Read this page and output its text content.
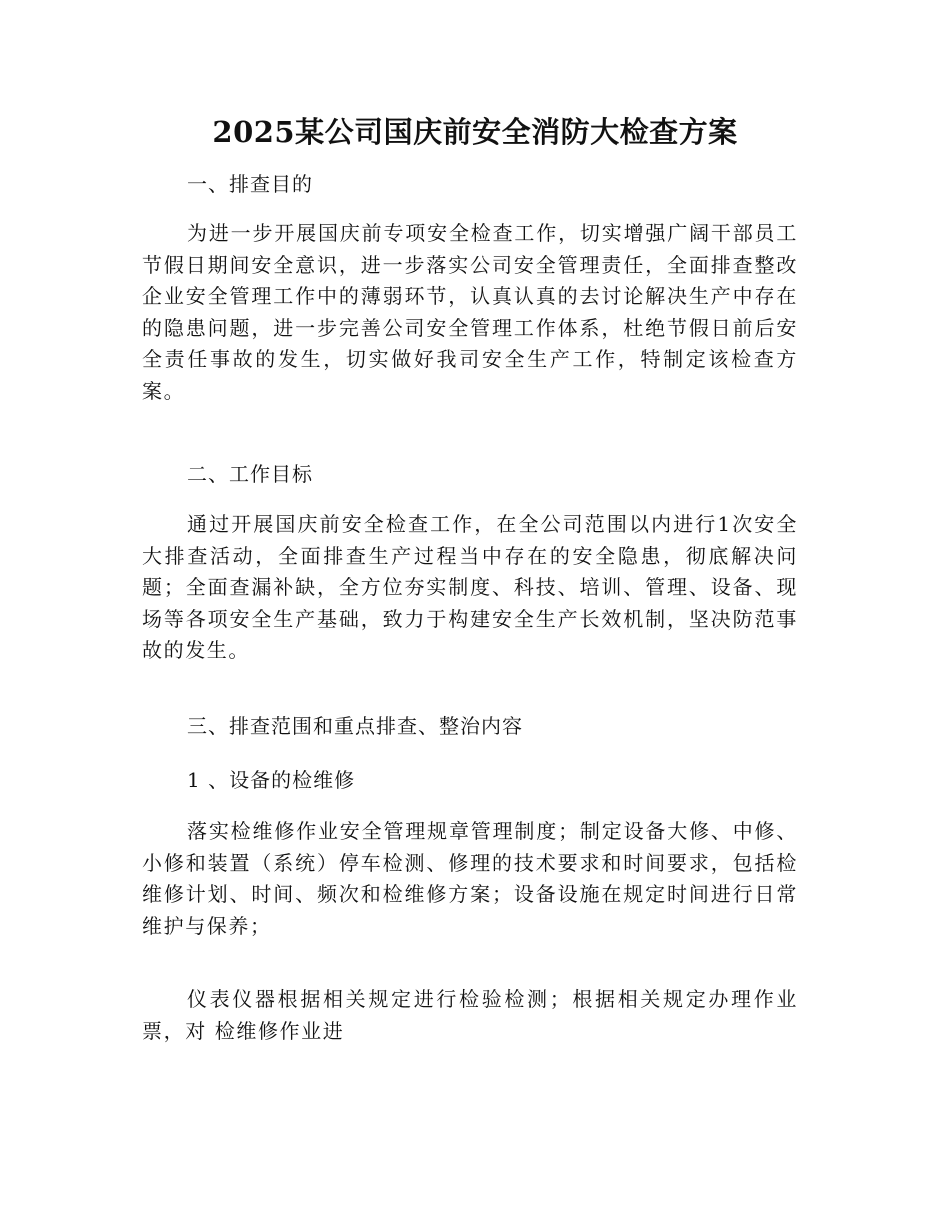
2025某公司国庆前安全消防大检查方案
一、排查目的

为进一步开展国庆前专项安全检查工作，切实增强广阔干部员工节假日期间安全意识，进一步落实公司安全管理责任，全面排查整改企业安全管理工作中的薄弱环节，认真认真的去讨论解决生产中存在的隐患问题，进一步完善公司安全管理工作体系，杜绝节假日前后安全责任事故的发生，切实做好我司安全生产工作，特制定该检查方案。

二、工作目标

通过开展国庆前安全检查工作，在全公司范围以内进行1次安全大排查活动，全面排查生产过程当中存在的安全隐患，彻底解决问题；全面查漏补缺，全方位夯实制度、科技、培训、管理、设备、现场等各项安全生产基础，致力于构建安全生产长效机制，坚决防范事故的发生。

三、排查范围和重点排查、整治内容
1 、设备的检维修

落实检维修作业安全管理规章管理制度；制定设备大修、中修、小修和装置（系统）停车检测、修理的技术要求和时间要求，包括检维修计划、时间、频次和检维修方案；设备设施在规定时间进行日常维护与保养；

仪表仪器根据相关规定进行检验检测；根据相关规定办理作业票，对 检维修作业进
